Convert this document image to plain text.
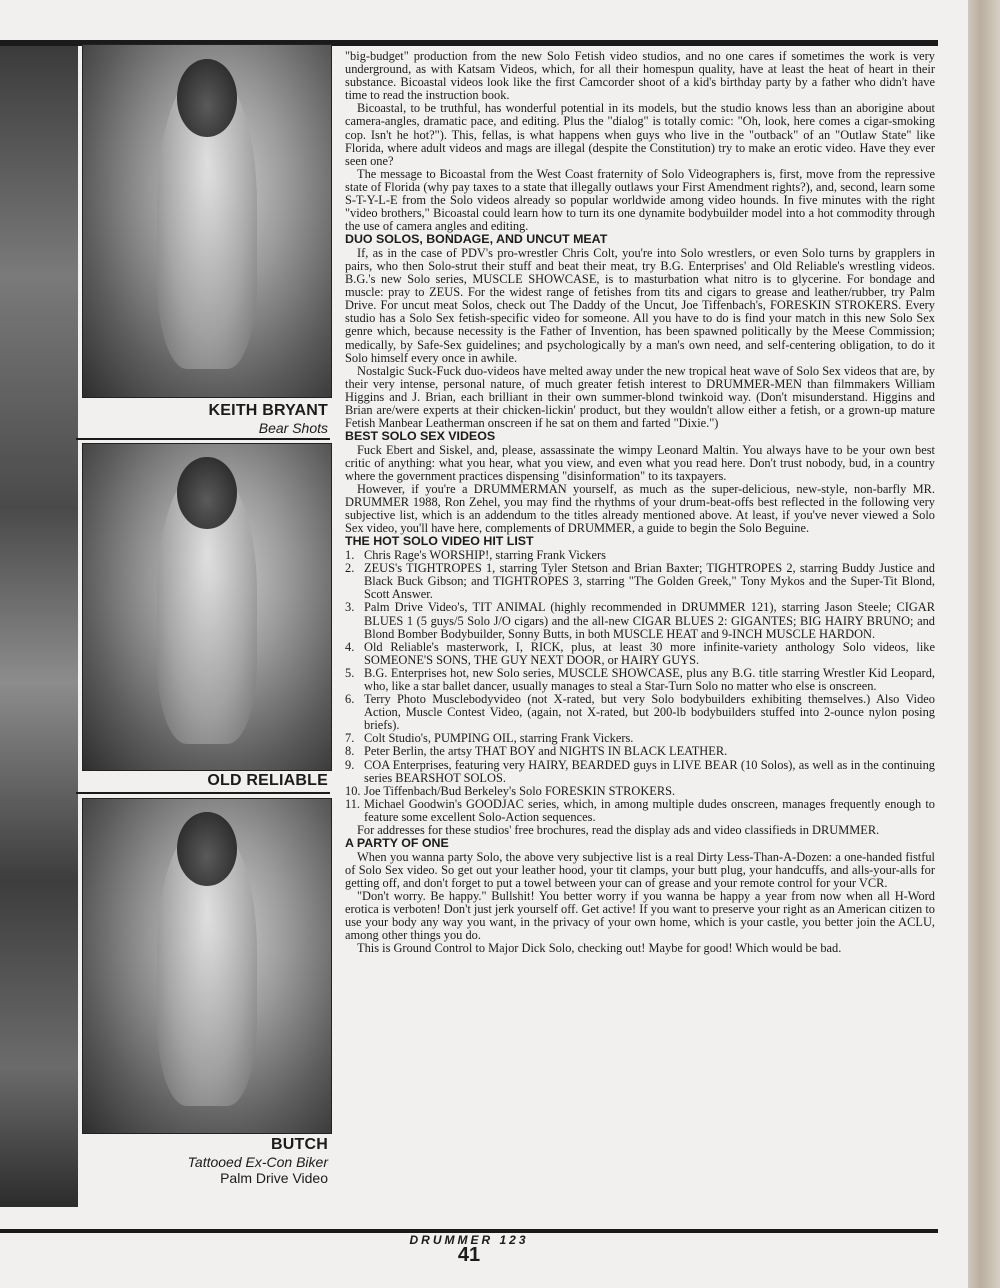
KEITH BRYANT
Bear Shots
OLD RELIABLE
BUTCH
Tattooed Ex-Con Biker
Palm Drive Video

"big-budget" production from the new Solo Fetish video studios, and no one cares if sometimes the work is very underground, as with Katsam Videos, which, for all their homespun quality, have at least the heat of heart in their substance. Bicoastal videos look like the first Camcorder shoot of a kid's birthday party by a father who didn't have time to read the instruction book.

Bicoastal, to be truthful, has wonderful potential in its models, but the studio knows less than an aborigine about camera-angles, dramatic pace, and editing. Plus the "dialog" is totally comic: "Oh, look, here comes a cigar-smoking cop. Isn't he hot?"). This, fellas, is what happens when guys who live in the "outback" of an "Outlaw State" like Florida, where adult videos and mags are illegal (despite the Constitution) try to make an erotic video. Have they ever seen one?

The message to Bicoastal from the West Coast fraternity of Solo Videographers is, first, move from the repressive state of Florida (why pay taxes to a state that illegally outlaws your First Amendment rights?), and, second, learn some S-T-Y-L-E from the Solo videos already so popular worldwide among video hounds. In five minutes with the right "video brothers," Bicoastal could learn how to turn its one dynamite bodybuilder model into a hot commodity through the use of camera angles and editing.

DUO SOLOS, BONDAGE, AND UNCUT MEAT

If, as in the case of PDV's pro-wrestler Chris Colt, you're into Solo wrestlers, or even Solo turns by grapplers in pairs, who then Solo-strut their stuff and beat their meat, try B.G. Enterprises' and Old Reliable's wrestling videos. B.G.'s new Solo series, MUSCLE SHOWCASE, is to masturbation what nitro is to glycerine. For bondage and muscle: pray to ZEUS. For the widest range of fetishes from tits and cigars to grease and leather/rubber, try Palm Drive. For uncut meat Solos, check out The Daddy of the Uncut, Joe Tiffenbach's, FORESKIN STROKERS. Every studio has a Solo Sex fetish-specific video for someone. All you have to do is find your match in this new Solo Sex genre which, because necessity is the Father of Invention, has been spawned politically by the Meese Commission; medically, by Safe-Sex guidelines; and psychologically by a man's own need, and self-centering obligation, to do it Solo himself every once in awhile.

Nostalgic Suck-Fuck duo-videos have melted away under the new tropical heat wave of Solo Sex videos that are, by their very intense, personal nature, of much greater fetish interest to DRUMMER-MEN than filmmakers William Higgins and J. Brian, each brilliant in their own summer-blond twinkoid way. (Don't misunderstand. Higgins and Brian are/were experts at their chicken-lickin' product, but they wouldn't allow either a fetish, or a grown-up mature Fetish Manbear Leatherman onscreen if he sat on them and farted "Dixie.")

BEST SOLO SEX VIDEOS

Fuck Ebert and Siskel, and, please, assassinate the wimpy Leonard Maltin. You always have to be your own best critic of anything: what you hear, what you view, and even what you read here. Don't trust nobody, bud, in a country where the government practices dispensing "disinformation" to its taxpayers.

However, if you're a DRUMMERMAN yourself, as much as the super-delicious, new-style, non-barfly MR. DRUMMER 1988, Ron Zehel, you may find the rhythms of your drum-beat-offs best reflected in the following very subjective list, which is an addendum to the titles already mentioned above. At least, if you've never viewed a Solo Sex video, you'll have here, complements of DRUMMER, a guide to begin the Solo Beguine.

THE HOT SOLO VIDEO HIT LIST
1. Chris Rage's WORSHIP!, starring Frank Vickers
2. ZEUS's TIGHTROPES 1, starring Tyler Stetson and Brian Baxter; TIGHTROPES 2, starring Buddy Justice and Black Buck Gibson; and TIGHTROPES 3, starring "The Golden Greek," Tony Mykos and the Super-Tit Blond, Scott Answer.
3. Palm Drive Video's, TIT ANIMAL (highly recommended in DRUMMER 121), starring Jason Steele; CIGAR BLUES 1 (5 guys/5 Solo J/O cigars) and the all-new CIGAR BLUES 2: GIGANTES; BIG HAIRY BRUNO; and Blond Bomber Bodybuilder, Sonny Butts, in both MUSCLE HEAT and 9-INCH MUSCLE HARDON.
4. Old Reliable's masterwork, I, RICK, plus, at least 30 more infinite-variety anthology Solo videos, like SOMEONE'S SONS, THE GUY NEXT DOOR, or HAIRY GUYS.
5. B.G. Enterprises hot, new Solo series, MUSCLE SHOWCASE, plus any B.G. title starring Wrestler Kid Leopard, who, like a star ballet dancer, usually manages to steal a Star-Turn Solo no matter who else is onscreen.
6. Terry Photo Musclebodyvideo (not X-rated, but very Solo bodybuilders exhibiting themselves.) Also Video Action, Muscle Contest Video, (again, not X-rated, but 200-lb bodybuilders stuffed into 2-ounce nylon posing briefs).
7. Colt Studio's, PUMPING OIL, starring Frank Vickers.
8. Peter Berlin, the artsy THAT BOY and NIGHTS IN BLACK LEATHER.
9. COA Enterprises, featuring very HAIRY, BEARDED guys in LIVE BEAR (10 Solos), as well as in the continuing series BEARSHOT SOLOS.
10. Joe Tiffenbach/Bud Berkeley's Solo FORESKIN STROKERS.
11. Michael Goodwin's GOODJAC series, which, in among multiple dudes onscreen, manages frequently enough to feature some excellent Solo-Action sequences.

For addresses for these studios' free brochures, read the display ads and video classifieds in DRUMMER.

A PARTY OF ONE

When you wanna party Solo, the above very subjective list is a real Dirty Less-Than-A-Dozen: a one-handed fistful of Solo Sex video. So get out your leather hood, your tit clamps, your butt plug, your handcuffs, and alls-your-alls for getting off, and don't forget to put a towel between your can of grease and your remote control for your VCR.

"Don't worry. Be happy." Bullshit! You better worry if you wanna be happy a year from now when all H-Word erotica is verboten! Don't just jerk yourself off. Get active! If you want to preserve your right as an American citizen to use your body any way you want, in the privacy of your own home, which is your castle, you better join the ACLU, among other things you do.

This is Ground Control to Major Dick Solo, checking out! Maybe for good! Which would be bad.

DRUMMER 123
41
